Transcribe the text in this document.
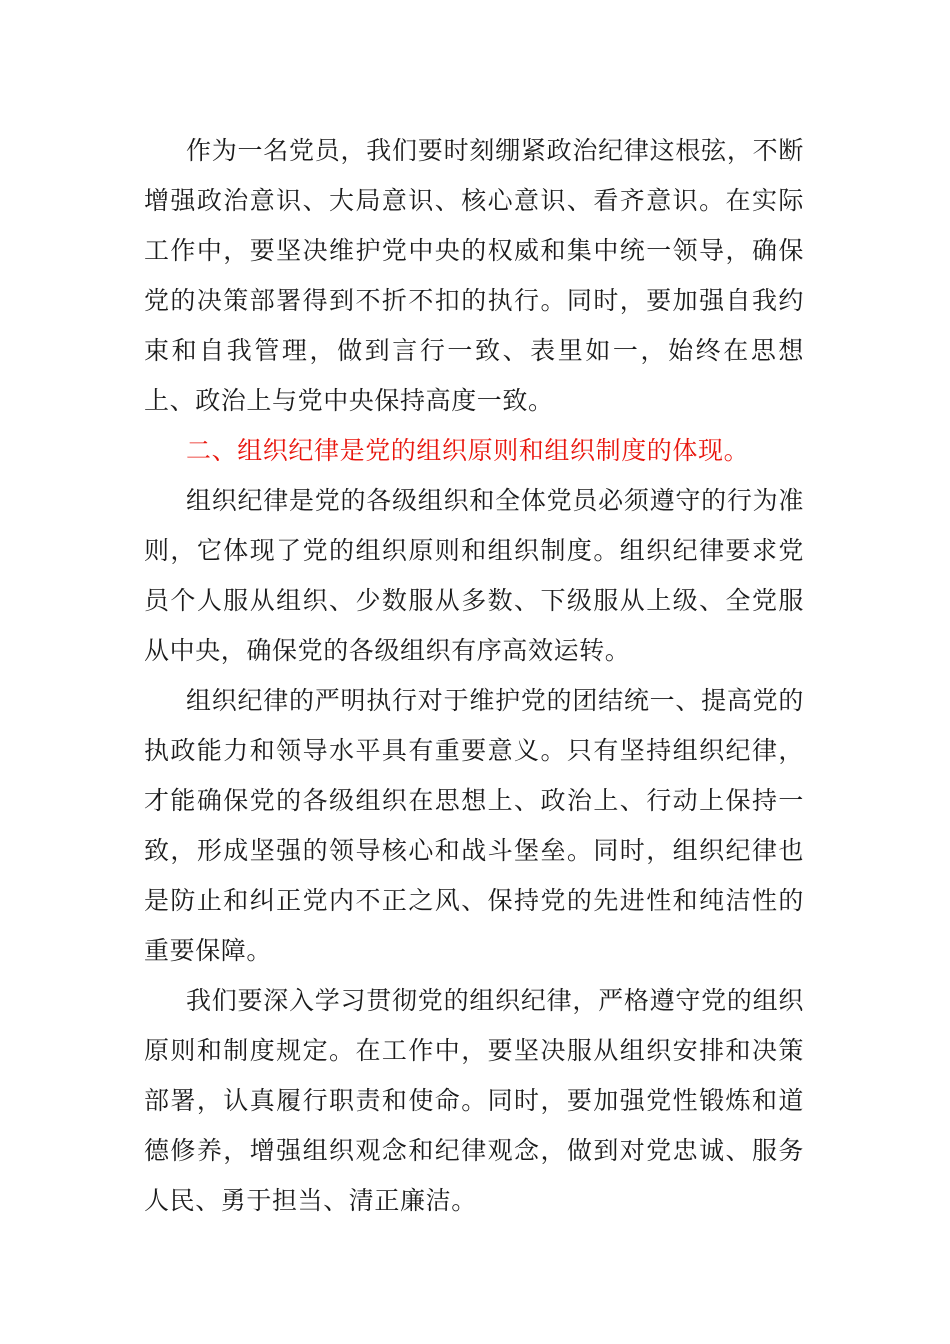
作为一名党员，我们要时刻绷紧政治纪律这根弦，不断增强政治意识、大局意识、核心意识、看齐意识。在实际工作中，要坚决维护党中央的权威和集中统一领导，确保党的决策部署得到不折不扣的执行。同时，要加强自我约束和自我管理，做到言行一致、表里如一，始终在思想上、政治上与党中央保持高度一致。

二、组织纪律是党的组织原则和组织制度的体现。

组织纪律是党的各级组织和全体党员必须遵守的行为准则，它体现了党的组织原则和组织制度。组织纪律要求党员个人服从组织、少数服从多数、下级服从上级、全党服从中央，确保党的各级组织有序高效运转。

组织纪律的严明执行对于维护党的团结统一、提高党的执政能力和领导水平具有重要意义。只有坚持组织纪律，才能确保党的各级组织在思想上、政治上、行动上保持一致，形成坚强的领导核心和战斗堡垒。同时，组织纪律也是防止和纠正党内不正之风、保持党的先进性和纯洁性的重要保障。

我们要深入学习贯彻党的组织纪律，严格遵守党的组织原则和制度规定。在工作中，要坚决服从组织安排和决策部署，认真履行职责和使命。同时，要加强党性锻炼和道德修养，增强组织观念和纪律观念，做到对党忠诚、服务人民、勇于担当、清正廉洁。
